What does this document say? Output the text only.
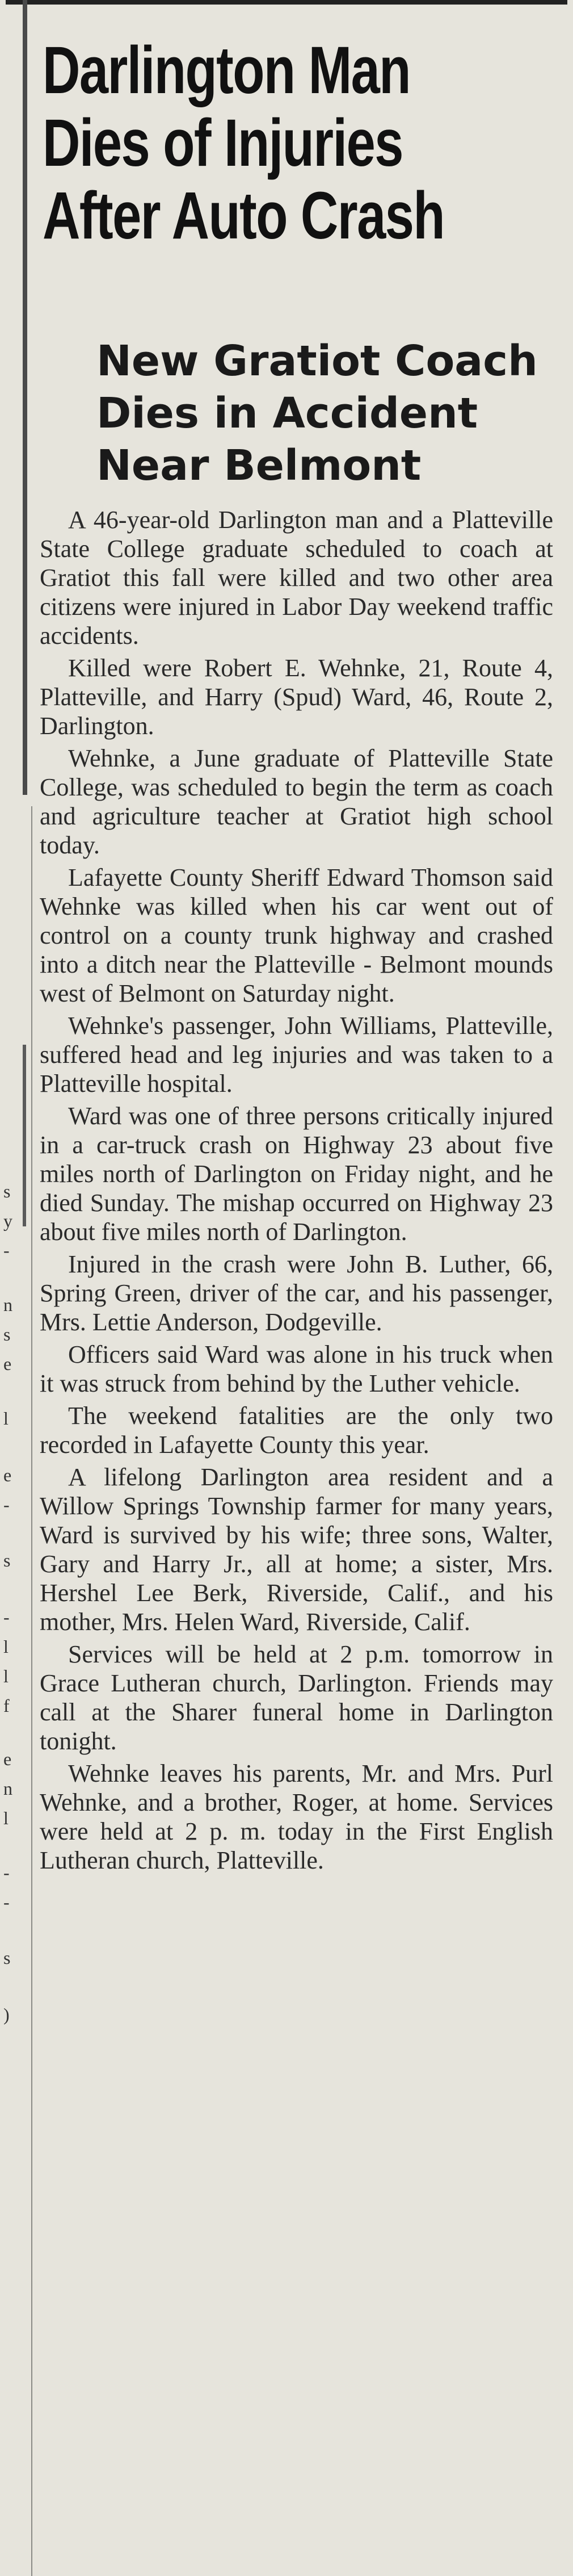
s
y
-
n
s
e
l
e
-
s
-
l
l
f
e
n
l
-
-
s
)
Darlington Man
Dies of Injuries
After Auto Crash
New Gratiot Coach
Dies in Accident
Near Belmont

A 46-year-old Darlington man and a Platteville State College graduate scheduled to coach at Gratiot this fall were killed and two other area citizens were injured in Labor Day weekend traffic accidents.

Killed were Robert E. Wehnke, 21, Route 4, Platteville, and Harry (Spud) Ward, 46, Route 2, Darlington.

Wehnke, a June graduate of Platteville State College, was scheduled to begin the term as coach and agriculture teacher at Gratiot high school today.

Lafayette County Sheriff Edward Thomson said Wehnke was killed when his car went out of control on a county trunk highway and crashed into a ditch near the Platteville - Belmont mounds west of Belmont on Saturday night.

Wehnke's passenger, John Williams, Platteville, suffered head and leg injuries and was taken to a Platteville hospital.

Ward was one of three persons critically injured in a car-truck crash on Highway 23 about five miles north of Darlington on Friday night, and he died Sunday. The mishap occurred on Highway 23 about five miles north of Darlington.

Injured in the crash were John B. Luther, 66, Spring Green, driver of the car, and his passenger, Mrs. Lettie Anderson, Dodgeville.

Officers said Ward was alone in his truck when it was struck from behind by the Luther vehicle.

The weekend fatalities are the only two recorded in Lafayette County this year.

A lifelong Darlington area resident and a Willow Springs Township farmer for many years, Ward is survived by his wife; three sons, Walter, Gary and Harry Jr., all at home; a sister, Mrs. Hershel Lee Berk, Riverside, Calif., and his mother, Mrs. Helen Ward, Riverside, Calif.

Services will be held at 2 p.m. tomorrow in Grace Lutheran church, Darlington. Friends may call at the Sharer funeral home in Darlington tonight.

Wehnke leaves his parents, Mr. and Mrs. Purl Wehnke, and a brother, Roger, at home. Services were held at 2 p. m. today in the First English Lutheran church, Platteville.
